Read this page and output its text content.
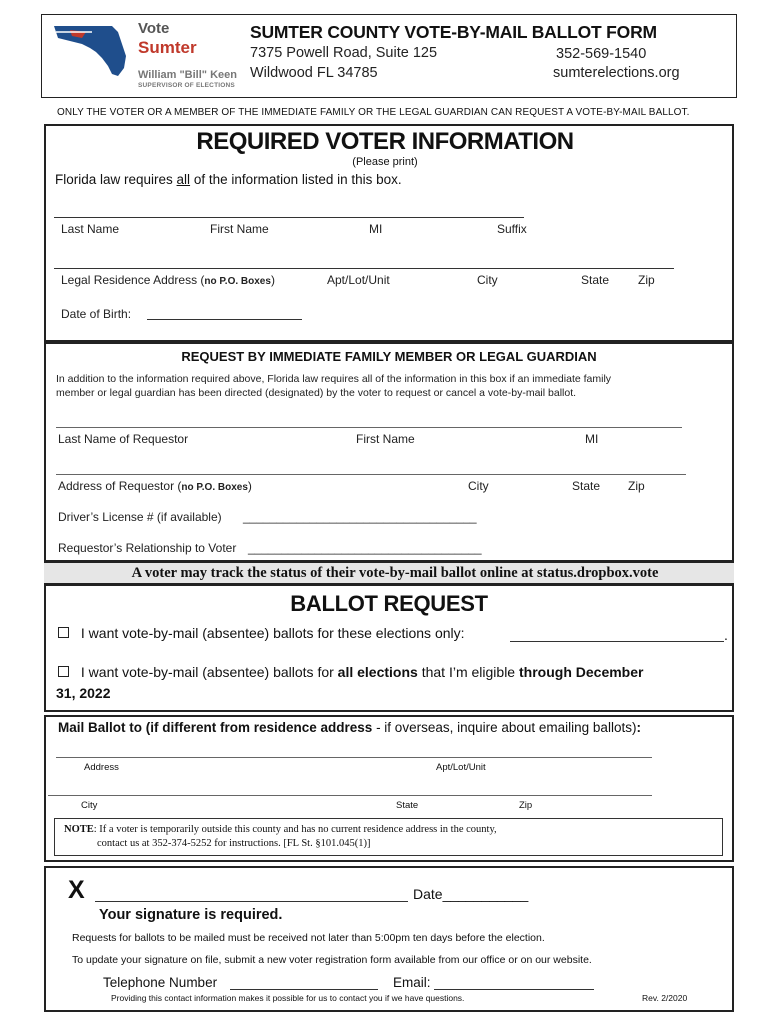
Vote
Sumter
William "Bill" Keen
SUPERVISOR OF ELECTIONS
SUMTER COUNTY VOTE-BY-MAIL BALLOT FORM
7375 Powell Road, Suite 125
Wildwood FL 34785
352-569-1540
sumterelections.org
ONLY THE VOTER OR A MEMBER OF THE IMMEDIATE FAMILY OR THE LEGAL GUARDIAN CAN REQUEST A VOTE-BY-MAIL BALLOT.
REQUIRED VOTER INFORMATION
(Please print)
Florida law requires all of the information listed in this box.
Last Name	First Name	MI	Suffix
Legal Residence Address (no P.O. Boxes)	Apt/Lot/Unit	City	State Zip
Date of Birth:
REQUEST BY IMMEDIATE FAMILY MEMBER OR LEGAL GUARDIAN
In addition to the information required above, Florida law requires all of the information in this box if an immediate family
member or legal guardian has been directed (designated) by the voter to request or cancel a vote-by-mail ballot.
Last Name of Requestor	First Name	MI
Address of Requestor (no P.O. Boxes)	City	State Zip
Driver’s License # (if available) ___________________________________
Requestor’s Relationship to Voter ___________________________________
A voter may track the status of their vote-by-mail ballot online at status.dropbox.vote
BALLOT REQUEST
I want vote-by-mail (absentee) ballots for these elections only:	.
I want vote-by-mail (absentee) ballots for all elections that I’m eligible through December
31, 2022
Mail Ballot to (if different from residence address - if overseas, inquire about emailing ballots):
Address	Apt/Lot/Unit
City	State	Zip
NOTE: If a voter is temporarily outside this county and has no current residence address in the county,
contact us at 352-374-5252 for instructions. [FL St. §101.045(1)]
X	Date___________
Your signature is required.
Requests for ballots to be mailed must be received not later than 5:00pm ten days before the election.
To update your signature on file, submit a new voter registration form available from our office or on our website.
Telephone Number	Email:
Providing this contact information makes it possible for us to contact you if we have questions.	Rev. 2/2020
